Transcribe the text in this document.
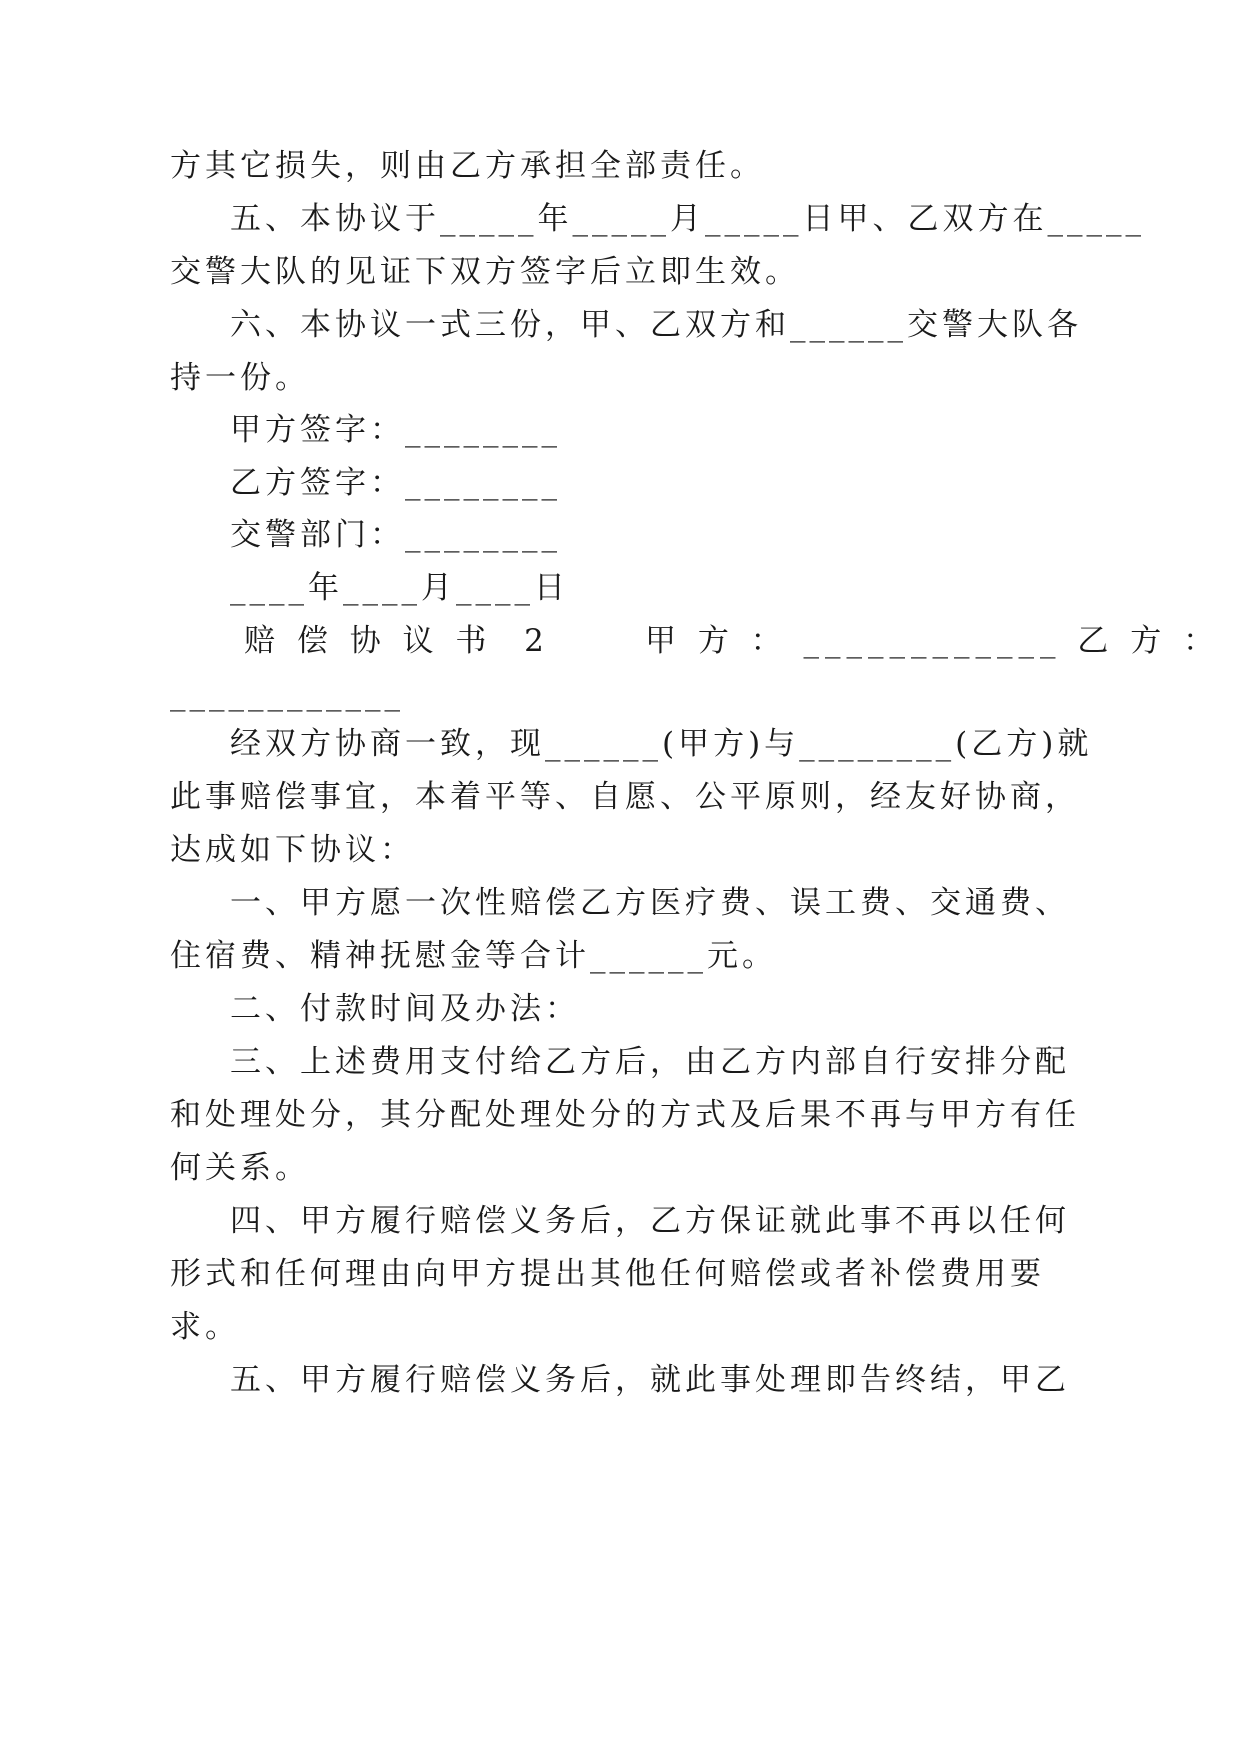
方其它损失，则由乙方承担全部责任。

五、本协议于_____年_____月_____日甲、乙双方在_____

交警大队的见证下双方签字后立即生效。

六、本协议一式三份，甲、乙双方和______交警大队各

持一份。

甲方签字：________

乙方签字：________

交警部门：________

____年____月____日

赔 偿 协 议 书  2      甲 方 ： ____________ 乙 方 ：

____________

经双方协商一致，现______(甲方)与________(乙方)就

此事赔偿事宜，本着平等、自愿、公平原则，经友好协商，

达成如下协议：

一、甲方愿一次性赔偿乙方医疗费、误工费、交通费、

住宿费、精神抚慰金等合计______元。

二、付款时间及办法：

三、上述费用支付给乙方后，由乙方内部自行安排分配

和处理处分，其分配处理处分的方式及后果不再与甲方有任

何关系。

四、甲方履行赔偿义务后，乙方保证就此事不再以任何

形式和任何理由向甲方提出其他任何赔偿或者补偿费用要

求。

五、甲方履行赔偿义务后，就此事处理即告终结，甲乙
